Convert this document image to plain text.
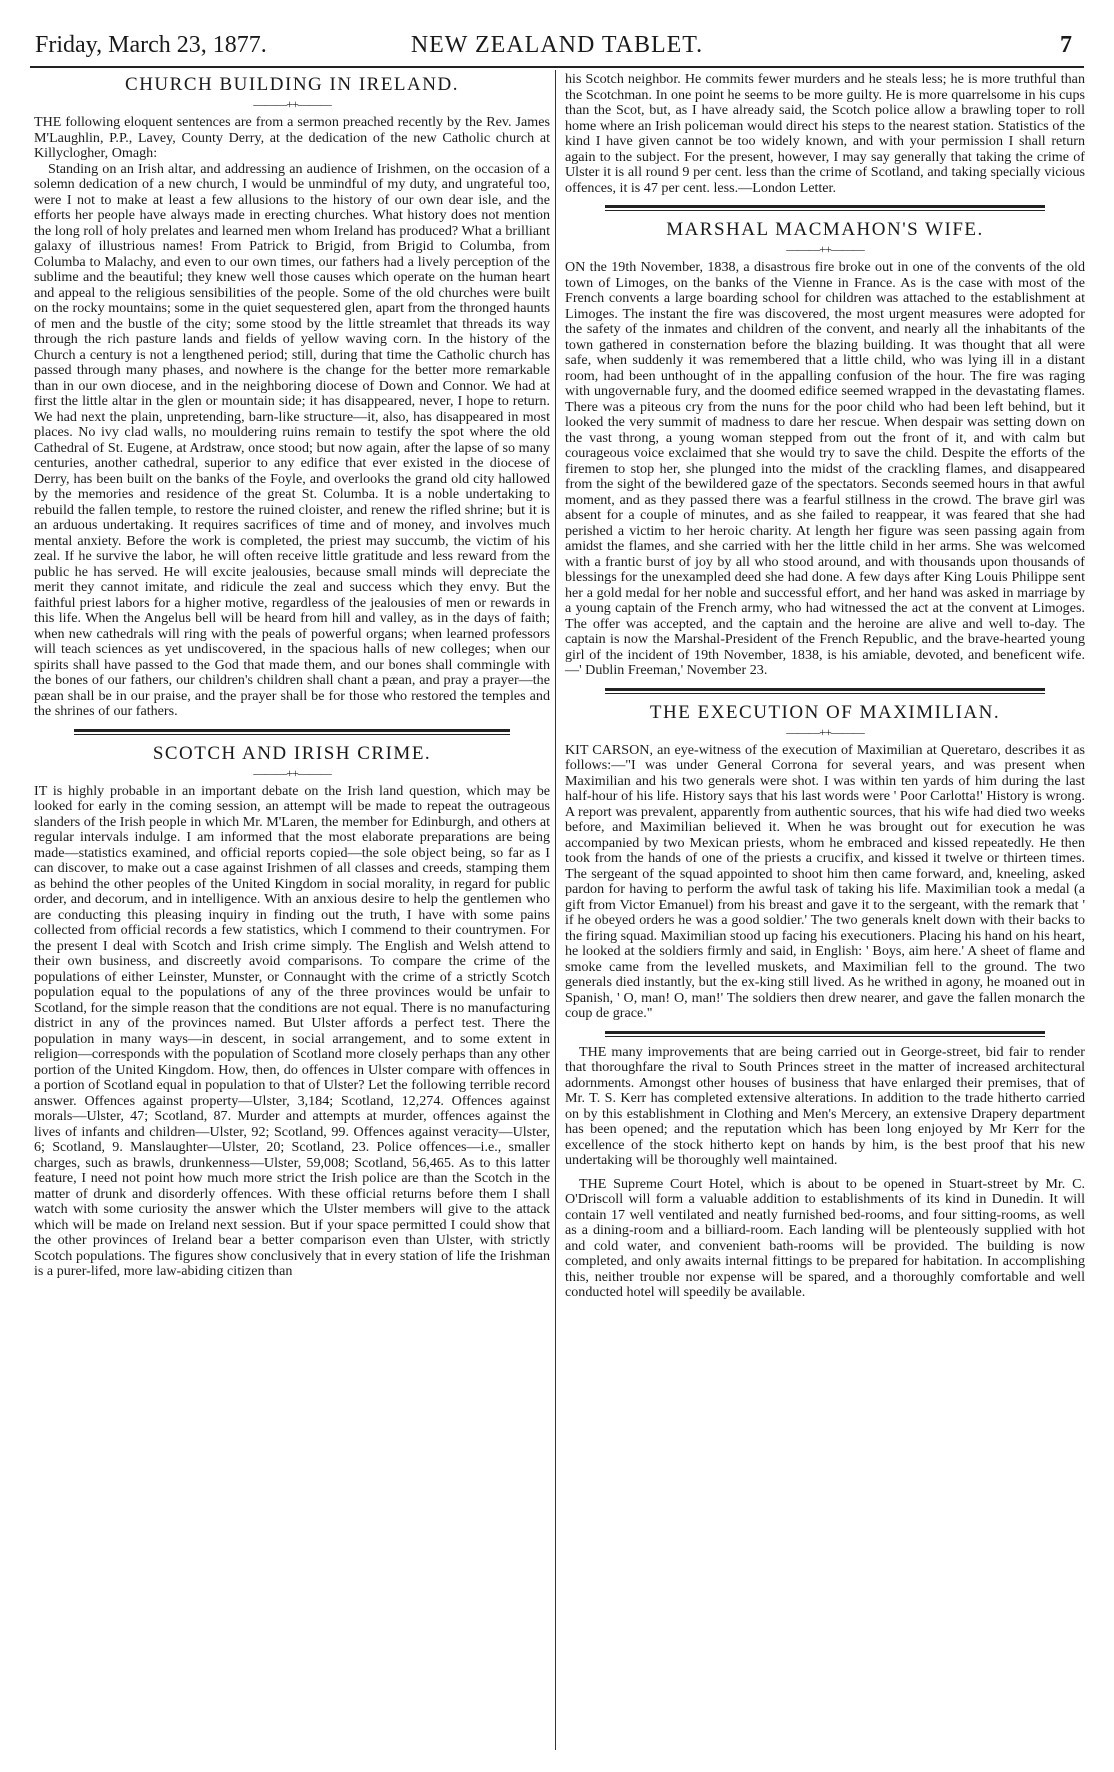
Friday, March 23, 1877.	NEW ZEALAND TABLET.	7
CHURCH BUILDING IN IRELAND.
———++———

THE following eloquent sentences are from a sermon preached recently by the Rev. James M'Laughlin, P.P., Lavey, County Derry, at the dedication of the new Catholic church at Killyclogher, Omagh:

Standing on an Irish altar, and addressing an audience of Irishmen, on the occasion of a solemn dedication of a new church, I would be unmindful of my duty, and ungrateful too, were I not to make at least a few allusions to the history of our own dear isle, and the efforts her people have always made in erecting churches. What history does not mention the long roll of holy prelates and learned men whom Ireland has produced? What a brilliant galaxy of illustrious names! From Patrick to Brigid, from Brigid to Columba, from Columba to Malachy, and even to our own times, our fathers had a lively perception of the sublime and the beautiful; they knew well those causes which operate on the human heart and appeal to the religious sensibilities of the people. Some of the old churches were built on the rocky mountains; some in the quiet sequestered glen, apart from the thronged haunts of men and the bustle of the city; some stood by the little streamlet that threads its way through the rich pasture lands and fields of yellow waving corn. In the history of the Church a century is not a lengthened period; still, during that time the Catholic church has passed through many phases, and nowhere is the change for the better more remarkable than in our own diocese, and in the neighboring diocese of Down and Connor. We had at first the little altar in the glen or mountain side; it has disappeared, never, I hope to return. We had next the plain, unpretending, barn-like structure—it, also, has disappeared in most places. No ivy clad walls, no mouldering ruins remain to testify the spot where the old Cathedral of St. Eugene, at Ardstraw, once stood; but now again, after the lapse of so many centuries, another cathedral, superior to any edifice that ever existed in the diocese of Derry, has been built on the banks of the Foyle, and overlooks the grand old city hallowed by the memories and residence of the great St. Columba. It is a noble undertaking to rebuild the fallen temple, to restore the ruined cloister, and renew the rifled shrine; but it is an arduous undertaking. It requires sacrifices of time and of money, and involves much mental anxiety. Before the work is completed, the priest may succumb, the victim of his zeal. If he survive the labor, he will often receive little gratitude and less reward from the public he has served. He will excite jealousies, because small minds will depreciate the merit they cannot imitate, and ridicule the zeal and success which they envy. But the faithful priest labors for a higher motive, regardless of the jealousies of men or rewards in this life. When the Angelus bell will be heard from hill and valley, as in the days of faith; when new cathedrals will ring with the peals of powerful organs; when learned professors will teach sciences as yet undiscovered, in the spacious halls of new colleges; when our spirits shall have passed to the God that made them, and our bones shall commingle with the bones of our fathers, our children's children shall chant a pæan, and pray a prayer—the pæan shall be in our praise, and the prayer shall be for those who restored the temples and the shrines of our fathers.

SCOTCH AND IRISH CRIME.
———++———

IT is highly probable in an important debate on the Irish land question, which may be looked for early in the coming session, an attempt will be made to repeat the outrageous slanders of the Irish people in which Mr. M'Laren, the member for Edinburgh, and others at regular intervals indulge. I am informed that the most elaborate preparations are being made—statistics examined, and official reports copied—the sole object being, so far as I can discover, to make out a case against Irishmen of all classes and creeds, stamping them as behind the other peoples of the United Kingdom in social morality, in regard for public order, and decorum, and in intelligence. With an anxious desire to help the gentlemen who are conducting this pleasing inquiry in finding out the truth, I have with some pains collected from official records a few statistics, which I commend to their countrymen. For the present I deal with Scotch and Irish crime simply. The English and Welsh attend to their own business, and discreetly avoid comparisons. To compare the crime of the populations of either Leinster, Munster, or Connaught with the crime of a strictly Scotch population equal to the populations of any of the three provinces would be unfair to Scotland, for the simple reason that the conditions are not equal. There is no manufacturing district in any of the provinces named. But Ulster affords a perfect test. There the population in many ways—in descent, in social arrangement, and to some extent in religion—corresponds with the population of Scotland more closely perhaps than any other portion of the United Kingdom. How, then, do offences in Ulster compare with offences in a portion of Scotland equal in population to that of Ulster? Let the following terrible record answer. Offences against property—Ulster, 3,184; Scotland, 12,274. Offences against morals—Ulster, 47; Scotland, 87. Murder and attempts at murder, offences against the lives of infants and children—Ulster, 92; Scotland, 99. Offences against veracity—Ulster, 6; Scotland, 9. Manslaughter—Ulster, 20; Scotland, 23. Police offences—i.e., smaller charges, such as brawls, drunkenness—Ulster, 59,008; Scotland, 56,465. As to this latter feature, I need not point how much more strict the Irish police are than the Scotch in the matter of drunk and disorderly offences. With these official returns before them I shall watch with some curiosity the answer which the Ulster members will give to the attack which will be made on Ireland next session. But if your space permitted I could show that the other provinces of Ireland bear a better comparison even than Ulster, with strictly Scotch populations. The figures show conclusively that in every station of life the Irishman is a purer-lifed, more law-abiding citizen than

his Scotch neighbor. He commits fewer murders and he steals less; he is more truthful than the Scotchman. In one point he seems to be more guilty. He is more quarrelsome in his cups than the Scot, but, as I have already said, the Scotch police allow a brawling toper to roll home where an Irish policeman would direct his steps to the nearest station. Statistics of the kind I have given cannot be too widely known, and with your permission I shall return again to the subject. For the present, however, I may say generally that taking the crime of Ulster it is all round 9 per cent. less than the crime of Scotland, and taking specially vicious offences, it is 47 per cent. less.—London Letter.

MARSHAL MACMAHON'S WIFE.
———++———

ON the 19th November, 1838, a disastrous fire broke out in one of the convents of the old town of Limoges, on the banks of the Vienne in France. As is the case with most of the French convents a large boarding school for children was attached to the establishment at Limoges. The instant the fire was discovered, the most urgent measures were adopted for the safety of the inmates and children of the convent, and nearly all the inhabitants of the town gathered in consternation before the blazing building. It was thought that all were safe, when suddenly it was remembered that a little child, who was lying ill in a distant room, had been unthought of in the appalling confusion of the hour. The fire was raging with ungovernable fury, and the doomed edifice seemed wrapped in the devastating flames. There was a piteous cry from the nuns for the poor child who had been left behind, but it looked the very summit of madness to dare her rescue. When despair was setting down on the vast throng, a young woman stepped from out the front of it, and with calm but courageous voice exclaimed that she would try to save the child. Despite the efforts of the firemen to stop her, she plunged into the midst of the crackling flames, and disappeared from the sight of the bewildered gaze of the spectators. Seconds seemed hours in that awful moment, and as they passed there was a fearful stillness in the crowd. The brave girl was absent for a couple of minutes, and as she failed to reappear, it was feared that she had perished a victim to her heroic charity. At length her figure was seen passing again from amidst the flames, and she carried with her the little child in her arms. She was welcomed with a frantic burst of joy by all who stood around, and with thousands upon thousands of blessings for the unexampled deed she had done. A few days after King Louis Philippe sent her a gold medal for her noble and successful effort, and her hand was asked in marriage by a young captain of the French army, who had witnessed the act at the convent at Limoges. The offer was accepted, and the captain and the heroine are alive and well to-day. The captain is now the Marshal-President of the French Republic, and the brave-hearted young girl of the incident of 19th November, 1838, is his amiable, devoted, and beneficent wife.—' Dublin Freeman,' November 23.

THE EXECUTION OF MAXIMILIAN.
———++———

KIT CARSON, an eye-witness of the execution of Maximilian at Queretaro, describes it as follows:—"I was under General Corrona for several years, and was present when Maximilian and his two generals were shot. I was within ten yards of him during the last half-hour of his life. History says that his last words were ' Poor Carlotta!' History is wrong. A report was prevalent, apparently from authentic sources, that his wife had died two weeks before, and Maximilian believed it. When he was brought out for execution he was accompanied by two Mexican priests, whom he embraced and kissed repeatedly. He then took from the hands of one of the priests a crucifix, and kissed it twelve or thirteen times. The sergeant of the squad appointed to shoot him then came forward, and, kneeling, asked pardon for having to perform the awful task of taking his life. Maximilian took a medal (a gift from Victor Emanuel) from his breast and gave it to the sergeant, with the remark that ' if he obeyed orders he was a good soldier.' The two generals knelt down with their backs to the firing squad. Maximilian stood up facing his executioners. Placing his hand on his heart, he looked at the soldiers firmly and said, in English: ' Boys, aim here.' A sheet of flame and smoke came from the levelled muskets, and Maximilian fell to the ground. The two generals died instantly, but the ex-king still lived. As he writhed in agony, he moaned out in Spanish, ' O, man! O, man!' The soldiers then drew nearer, and gave the fallen monarch the coup de grace."

THE many improvements that are being carried out in George-street, bid fair to render that thoroughfare the rival to South Princes street in the matter of increased architectural adornments. Amongst other houses of business that have enlarged their premises, that of Mr. T. S. Kerr has completed extensive alterations. In addition to the trade hitherto carried on by this establishment in Clothing and Men's Mercery, an extensive Drapery department has been opened; and the reputation which has been long enjoyed by Mr Kerr for the excellence of the stock hitherto kept on hands by him, is the best proof that his new undertaking will be thoroughly well maintained.

THE Supreme Court Hotel, which is about to be opened in Stuart-street by Mr. C. O'Driscoll will form a valuable addition to establishments of its kind in Dunedin. It will contain 17 well ventilated and neatly furnished bed-rooms, and four sitting-rooms, as well as a dining-room and a billiard-room. Each landing will be plenteously supplied with hot and cold water, and convenient bath-rooms will be provided. The building is now completed, and only awaits internal fittings to be prepared for habitation. In accomplishing this, neither trouble nor expense will be spared, and a thoroughly comfortable and well conducted hotel will speedily be available.
